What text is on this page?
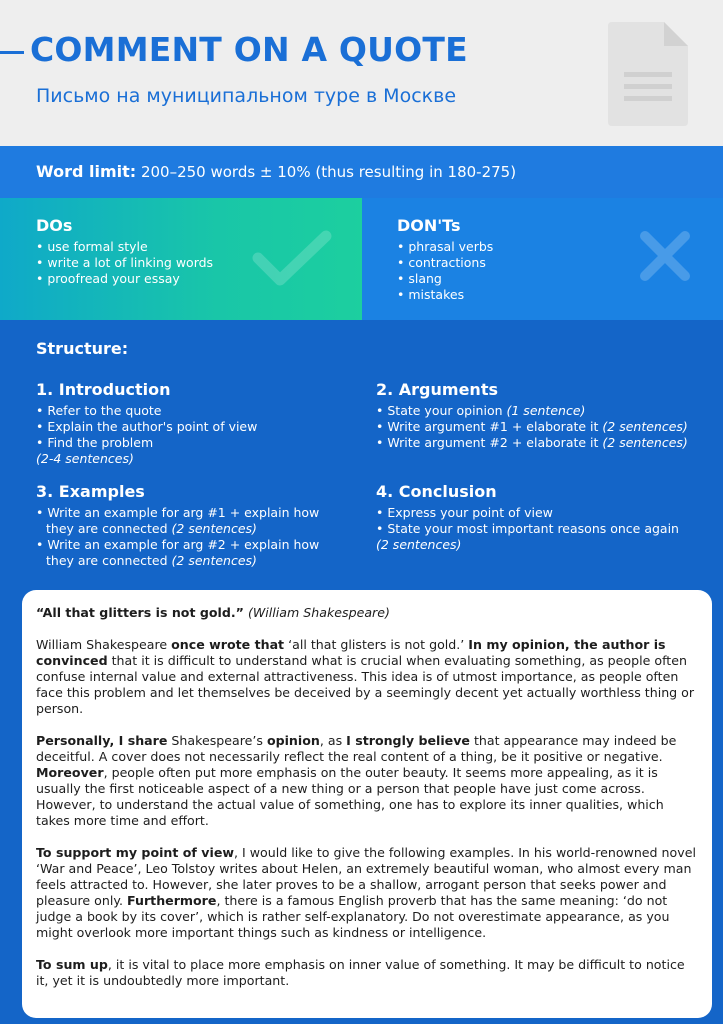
COMMENT ON A QUOTE
Письмо на муниципальном туре в Москве
Word limit: 200–250 words ± 10% (thus resulting in 180-275)
DOs
• use formal style
• write a lot of linking words
• proofread your essay
DON'Ts
• phrasal verbs
• contractions
• slang
• mistakes
Structure:
1. Introduction
• Refer to the quote
• Explain the author's point of view
• Find the problem
(2-4 sentences)
2. Arguments
• State your opinion (1 sentence)
• Write argument #1 + elaborate it (2 sentences)
• Write argument #2 + elaborate it (2 sentences)
3. Examples
• Write an example for arg #1 + explain how they are connected (2 sentences)
• Write an example for arg #2 + explain how they are connected (2 sentences)
4. Conclusion
• Express your point of view
• State your most important reasons once again
(2 sentences)
“All that glitters is not gold.” (William Shakespeare)

William Shakespeare once wrote that ‘all that glisters is not gold.’ In my opinion, the author is convinced that it is difficult to understand what is crucial when evaluating something, as people often confuse internal value and external attractiveness. This idea is of utmost importance, as people often face this problem and let themselves be deceived by a seemingly decent yet actually worthless thing or person.

Personally, I share Shakespeare’s opinion, as I strongly believe that appearance may indeed be deceitful. A cover does not necessarily reflect the real content of a thing, be it positive or negative. Moreover, people often put more emphasis on the outer beauty. It seems more appealing, as it is usually the first noticeable aspect of a new thing or a person that people have just come across. However, to understand the actual value of something, one has to explore its inner qualities, which takes more time and effort.

To support my point of view, I would like to give the following examples. In his world-renowned novel ‘War and Peace’, Leo Tolstoy writes about Helen, an extremely beautiful woman, who almost every man feels attracted to. However, she later proves to be a shallow, arrogant person that seeks power and pleasure only. Furthermore, there is a famous English proverb that has the same meaning: ‘do not judge a book by its cover’, which is rather self-explanatory. Do not overestimate appearance, as you might overlook more important things such as kindness or intelligence.

To sum up, it is vital to place more emphasis on inner value of something. It may be difficult to notice it, yet it is undoubtedly more important.
